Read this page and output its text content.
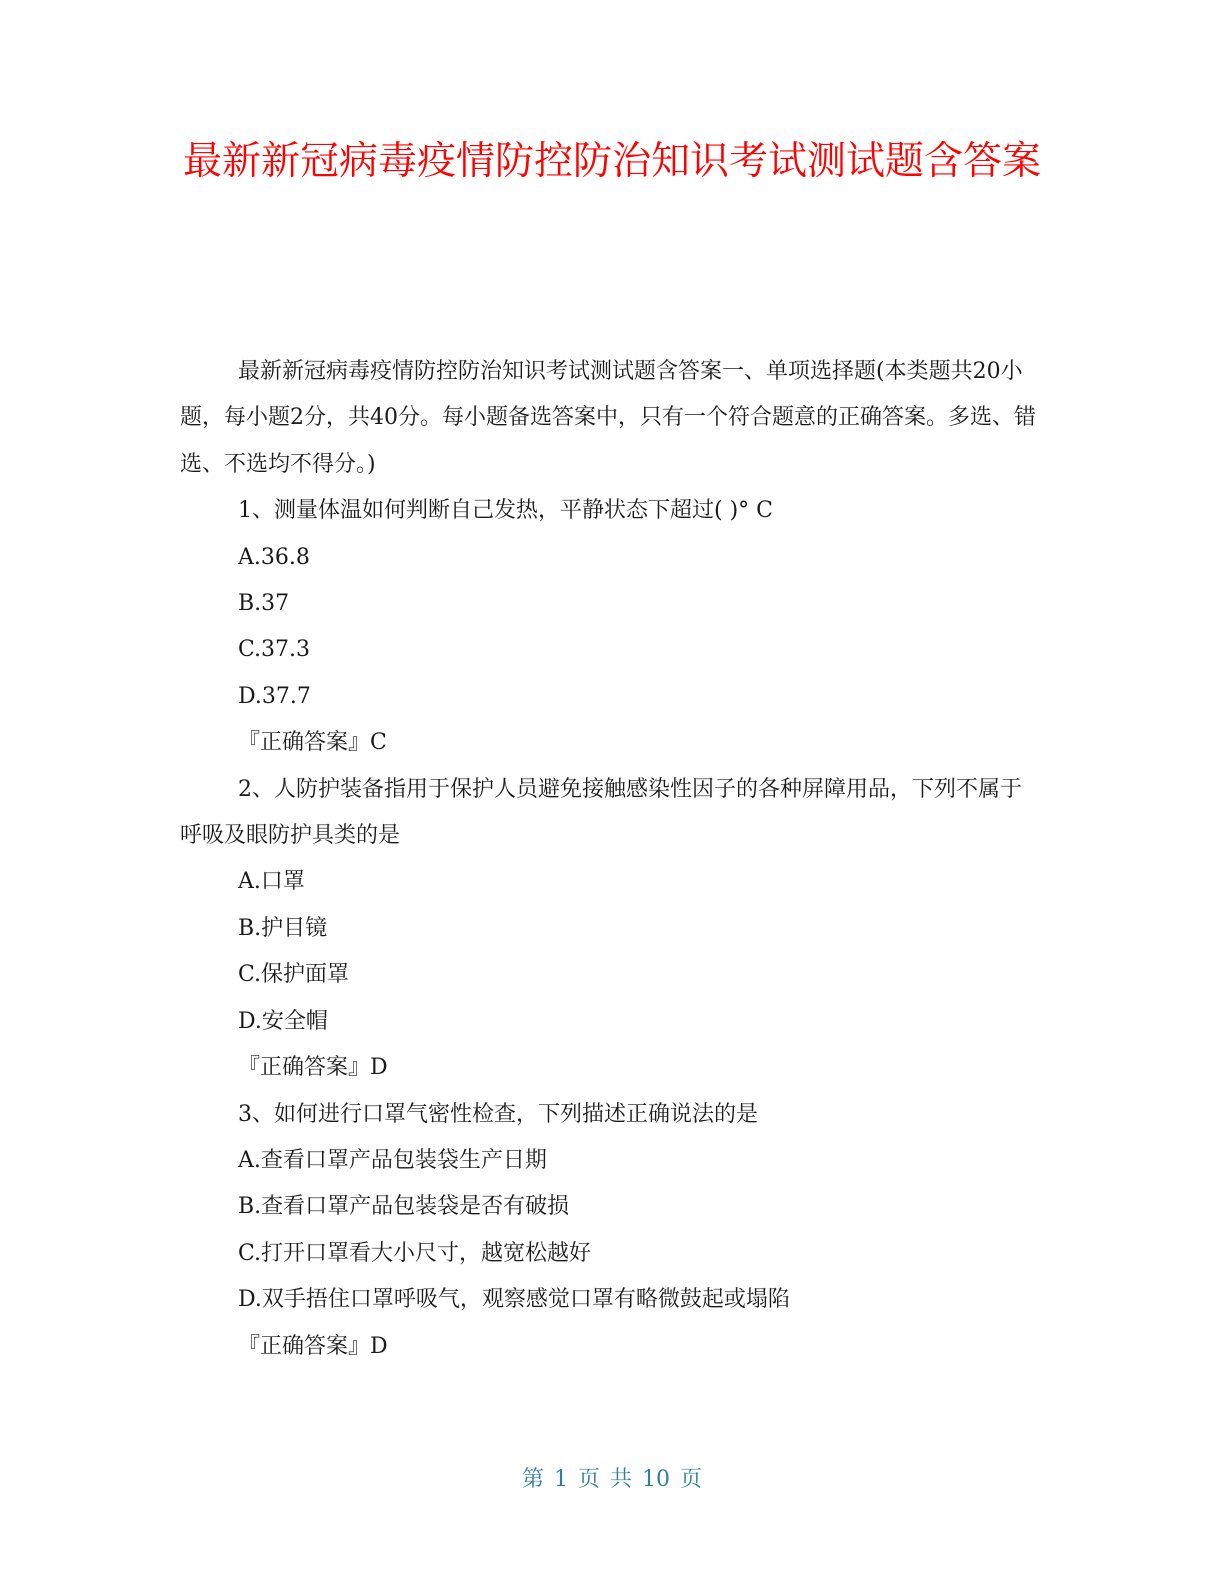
最新新冠病毒疫情防控防治知识考试测试题含答案

最新新冠病毒疫情防控防治知识考试测试题含答案一、单项选择题(本类题共20小题，每小题2分，共40分。每小题备选答案中，只有一个符合题意的正确答案。多选、错选、不选均不得分。)

1、测量体温如何判断自己发热，平静状态下超过( )° C

A.36.8

B.37

C.37.3

D.37.7

『正确答案』C

2、人防护装备指用于保护人员避免接触感染性因子的各种屏障用品，下列不属于呼吸及眼防护具类的是

A.口罩

B.护目镜

C.保护面罩

D.安全帽

『正确答案』D

3、如何进行口罩气密性检查，下列描述正确说法的是

A.查看口罩产品包装袋生产日期

B.查看口罩产品包装袋是否有破损

C.打开口罩看大小尺寸，越宽松越好

D.双手捂住口罩呼吸气，观察感觉口罩有略微鼓起或塌陷

『正确答案』D

第 1 页 共 10 页
